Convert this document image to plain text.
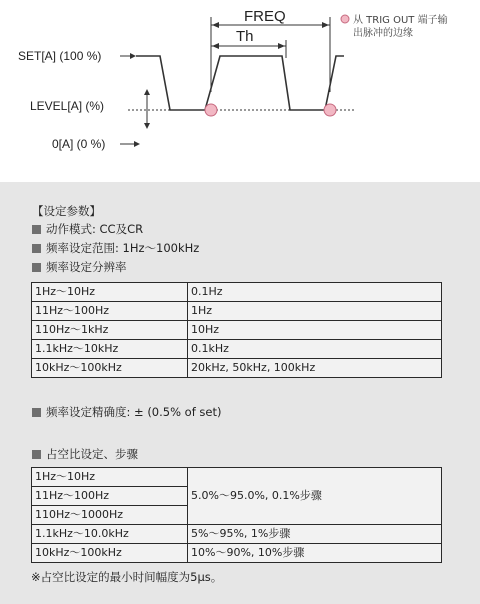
SET[A] (100 %)
LEVEL[A] (%)
0[A] (0 %)
FREQ
Th
从 TRIG OUT 端子输
出脉冲的边缘
【设定参数】
动作模式: CC及CR
频率设定范围: 1Hz～100kHz
频率设定分辨率
1Hz～10Hz	0.1Hz
11Hz～100Hz	1Hz
110Hz～1kHz	10Hz
1.1kHz～10kHz	0.1kHz
10kHz～100kHz	20kHz, 50kHz, 100kHz
频率设定精确度: ± (0.5% of set)
占空比设定、步骤
1Hz～10Hz	5.0%～95.0%, 0.1%步骤
11Hz～100Hz	
110Hz～1000Hz	
1.1kHz～10.0kHz	5%～95%, 1%步骤
10kHz～100kHz	10%～90%, 10%步骤
※占空比设定的最小时间幅度为5μs。
